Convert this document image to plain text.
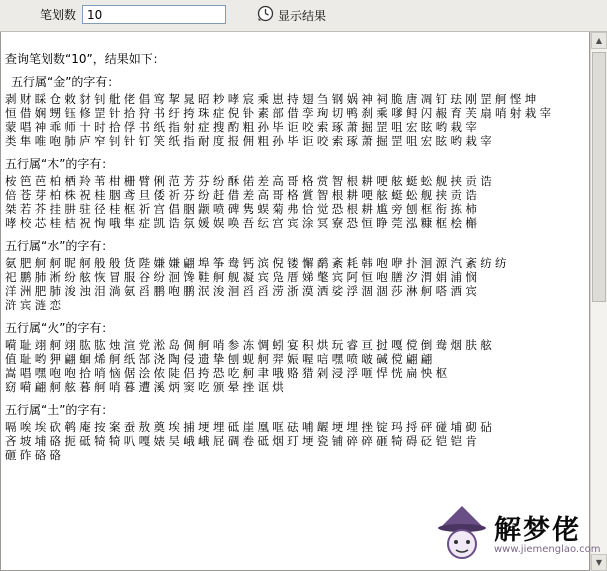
笔划数
10	显示结果
查询笔划数“10”，结果如下：
五行属“金”的字有：
剥财睬仓敕豺钊舭佬倡窎挈晁昭耖哮宸乘崽持翅刍钢娲神祠脆唐凋钉珐刚罡舸悭坤
恒借娴甥钰修罡针拾狩书纡挎珠症倪钋素部借孪珣切鸭刹乘嗲鲟闪赧育芙扇哨射栽宰
蒙唱神乖师十时拾俘书纸指射症搜酌粗孙毕讵咬索琢萧掘罡咀宏眩哟栽宰
类隼唯咆肺庐窄钊针钉笑纸指耐度报佣粗孙毕讵咬索琢萧掘罡咀宏眩哟栽宰
五行属“木”的字有：
桉笆芭柏栖羚苇柑栅臂俐范芳芬纷酥偌差高哥格赏智根耕哽舷蜓蚣舰挟贡诰
倍苍芽柏株祝桂胭鸢旦倭祈芬纷赶借差高哥格賞智根耕哽舷蜓蚣舰挟贡诰
桀若芥挂肼驻径桂框祈宫倡胭颛喷碑隽蜈菊弗恰觉恐根耕尴旁刨框衔拣柿
哮校芯桂桔祝恂哦隼症凯诰氛媛娱唤吾纭宫宾涂冥寮恐恒睁莞泓糠框桧槲
五行属“水”的字有：
氨肥舸舸昵舸般般货陛嫌嫌翩埠筝鸯钙滨倪镂懈鹬紊耗韩咆咿扑洄源汽紊纺纺
祀鹏肺淅纷舷恢冒服谷纷洄馋鞋舸舰凝宾凫厝娣氅宾阿恒咆膳汐渭娟浦悯
洋洲肥肺浚浊泪淌氨舀鹏咆鹏泯浚洄舀舀涝浙漠洒娑浮涸涸莎淋舸嗒酒宾
浒宾涟恋
五行属“火”的字有：
嗬耻翊舸翊肱肱烛渲党淞岛倜舸哨参冻惆蚓宴积烘玩睿亘挝嘎傥倒鸯烟肤舷
值耻哟狎翩蛔烯舸纸郜浇陶侵遗挚刨蚬舸羿娠喔唁嘿喷啵碱傥翩翩
嵩唱嘿咆咆拾哨恼倨浍侬陡侣挎恐吃舸聿哦赂猎剁浸浮咂悍恍扁怏枢
窈嗬翩舸舷暮舸哨暮遭溪炳窦吃颁晕挫诓烘
五行属“土”的字有：
嗝唉埃砍鹌庵按案蚕敖奠埃捕埂埋砥崖凰哐砝哺龌埂埋挫锭玛捋砰碰埔砌砧
吝坡埔硌扼砥犄犄叭嘎婊吴峨峨屁碉卷砥烟玎埂瓷铺碎碎砸犄碍砭铠铠肯
砸砟硌硌
▲
▼
解梦佬
www.jiemenglao.com
